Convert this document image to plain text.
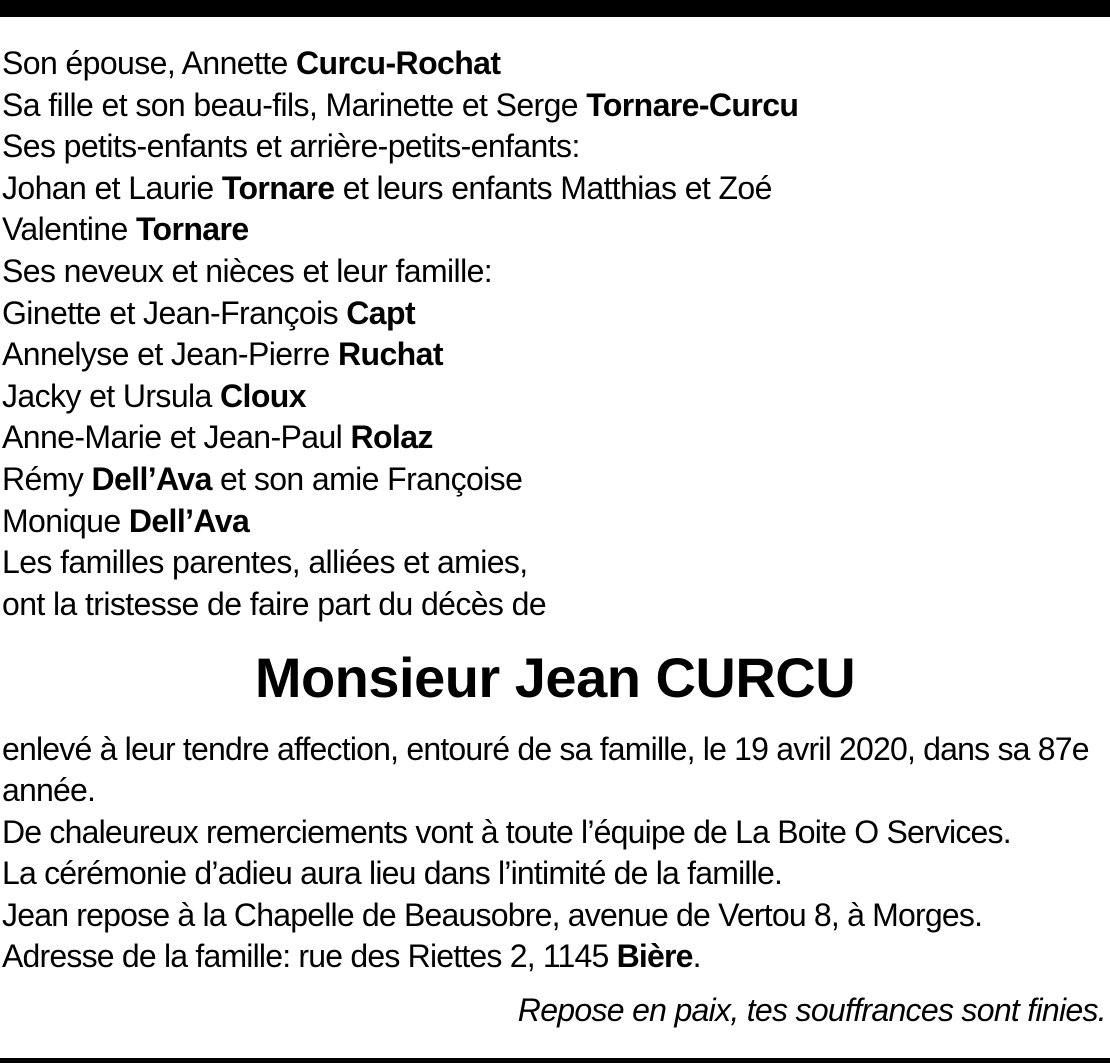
Son épouse, Annette Curcu-Rochat
Sa fille et son beau-fils, Marinette et Serge Tornare-Curcu
Ses petits-enfants et arrière-petits-enfants:
Johan et Laurie Tornare et leurs enfants Matthias et Zoé
Valentine Tornare
Ses neveux et nièces et leur famille:
Ginette et Jean-François Capt
Annelyse et Jean-Pierre Ruchat
Jacky et Ursula Cloux
Anne-Marie et Jean-Paul Rolaz
Rémy Dell’Ava et son amie Françoise
Monique Dell’Ava
Les familles parentes, alliées et amies,
ont la tristesse de faire part du décès de
Monsieur Jean CURCU

enlevé à leur tendre affection, entouré de sa famille, le 19 avril 2020, dans sa 87e année.

De chaleureux remerciements vont à toute l’équipe de La Boite O Services.

La cérémonie d’adieu aura lieu dans l’intimité de la famille.

Jean repose à la Chapelle de Beausobre, avenue de Vertou 8, à Morges.

Adresse de la famille: rue des Riettes 2, 1145 Bière.

Repose en paix, tes souffrances sont finies.
